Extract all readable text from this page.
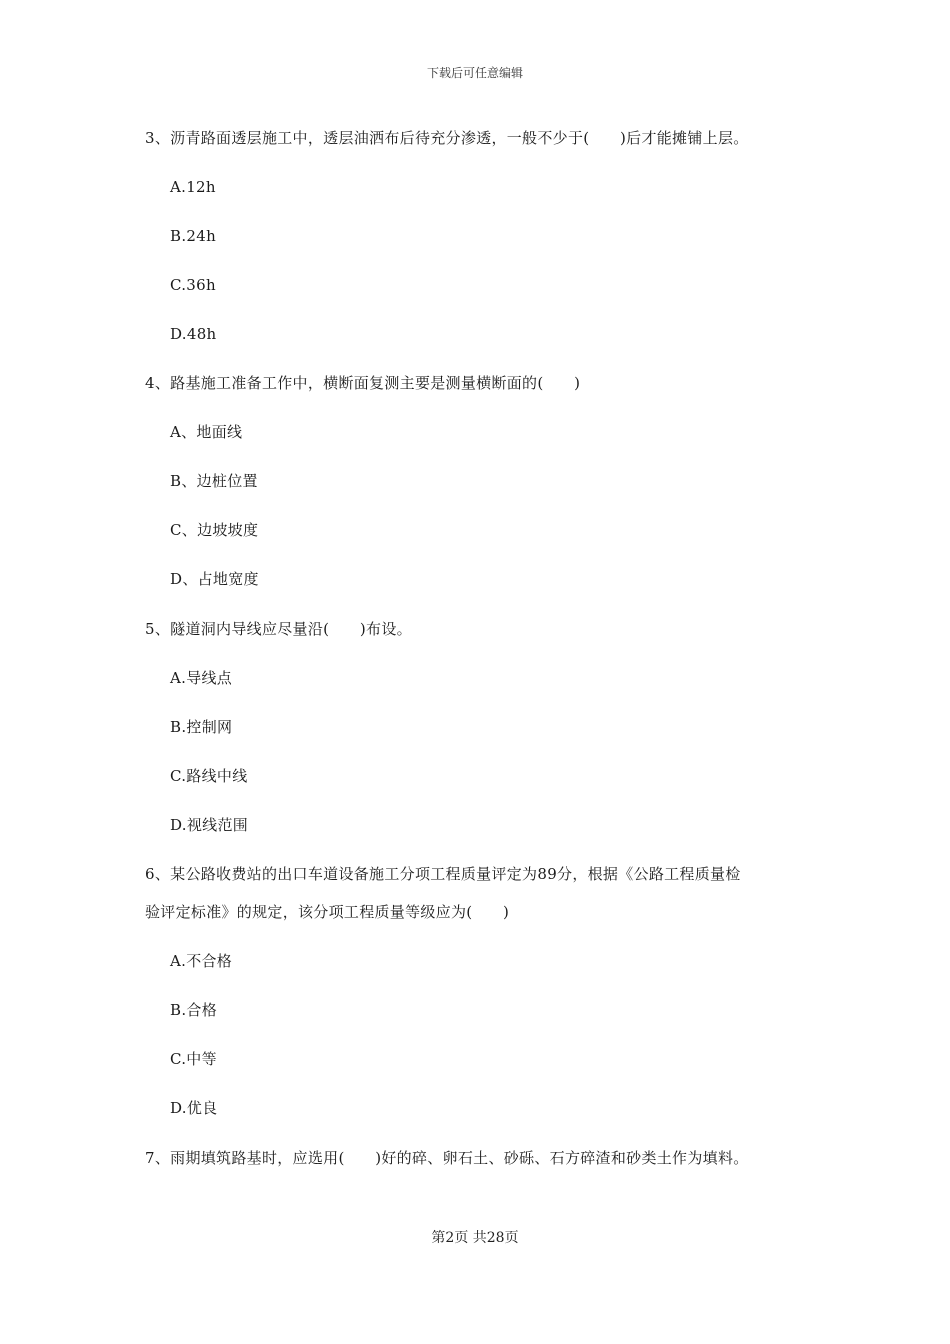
下载后可任意编辑
3、沥青路面透层施工中，透层油洒布后待充分渗透，一般不少于(　　)后才能摊铺上层。
A.12h
B.24h
C.36h
D.48h
4、路基施工准备工作中，横断面复测主要是测量横断面的(　　)
A、地面线
B、边桩位置
C、边坡坡度
D、占地宽度
5、隧道洞内导线应尽量沿(　　)布设。
A.导线点
B.控制网
C.路线中线
D.视线范围
6、某公路收费站的出口车道设备施工分项工程质量评定为89分，根据《公路工程质量检
验评定标准》的规定，该分项工程质量等级应为(　　)
A.不合格
B.合格
C.中等
D.优良
7、雨期填筑路基时，应选用(　　)好的碎、卵石土、砂砾、石方碎渣和砂类土作为填料。
第2页 共28页
